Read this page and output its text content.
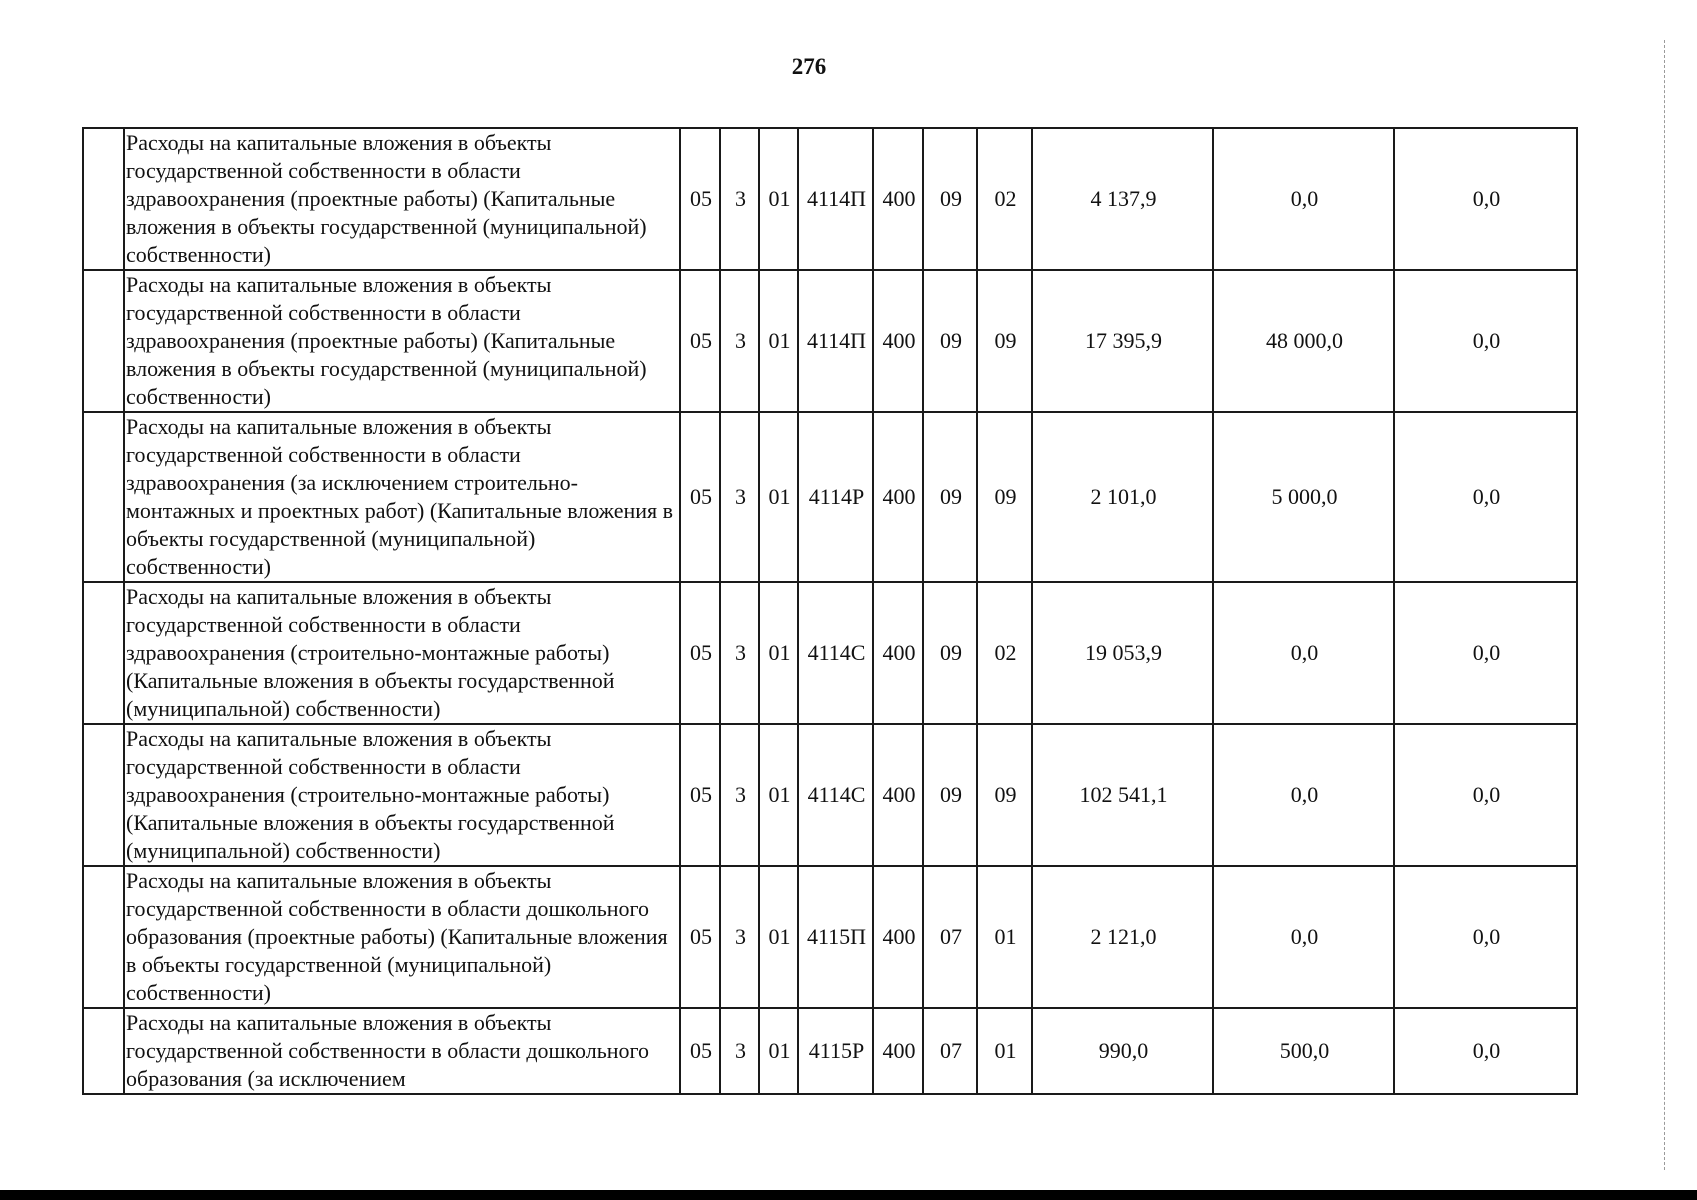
276
	Расходы на капитальные вложения в объекты государственной собственности в области здравоохранения (проектные работы) (Капитальные вложения в объекты государственной (муниципальной) собственности)	05	3	01	4114П	400	09	02	4 137,9	0,0	0,0
	Расходы на капитальные вложения в объекты государственной собственности в области здравоохранения (проектные работы) (Капитальные вложения в объекты государственной (муниципальной) собственности)	05	3	01	4114П	400	09	09	17 395,9	48 000,0	0,0
	Расходы на капитальные вложения в объекты государственной собственности в области здравоохранения (за исключением строительно-монтажных и проектных работ) (Капитальные вложения в объекты государственной (муниципальной) собственности)	05	3	01	4114Р	400	09	09	2 101,0	5 000,0	0,0
	Расходы на капитальные вложения в объекты государственной собственности в области здравоохранения (строительно-монтажные работы) (Капитальные вложения в объекты государственной (муниципальной) собственности)	05	3	01	4114С	400	09	02	19 053,9	0,0	0,0
	Расходы на капитальные вложения в объекты государственной собственности в области здравоохранения (строительно-монтажные работы) (Капитальные вложения в объекты государственной (муниципальной) собственности)	05	3	01	4114С	400	09	09	102 541,1	0,0	0,0
	Расходы на капитальные вложения в объекты государственной собственности в области дошкольного образования (проектные работы) (Капитальные вложения в объекты государственной (муниципальной) собственности)	05	3	01	4115П	400	07	01	2 121,0	0,0	0,0
	Расходы на капитальные вложения в объекты государственной собственности в области дошкольного образования (за исключением	05	3	01	4115Р	400	07	01	990,0	500,0	0,0
